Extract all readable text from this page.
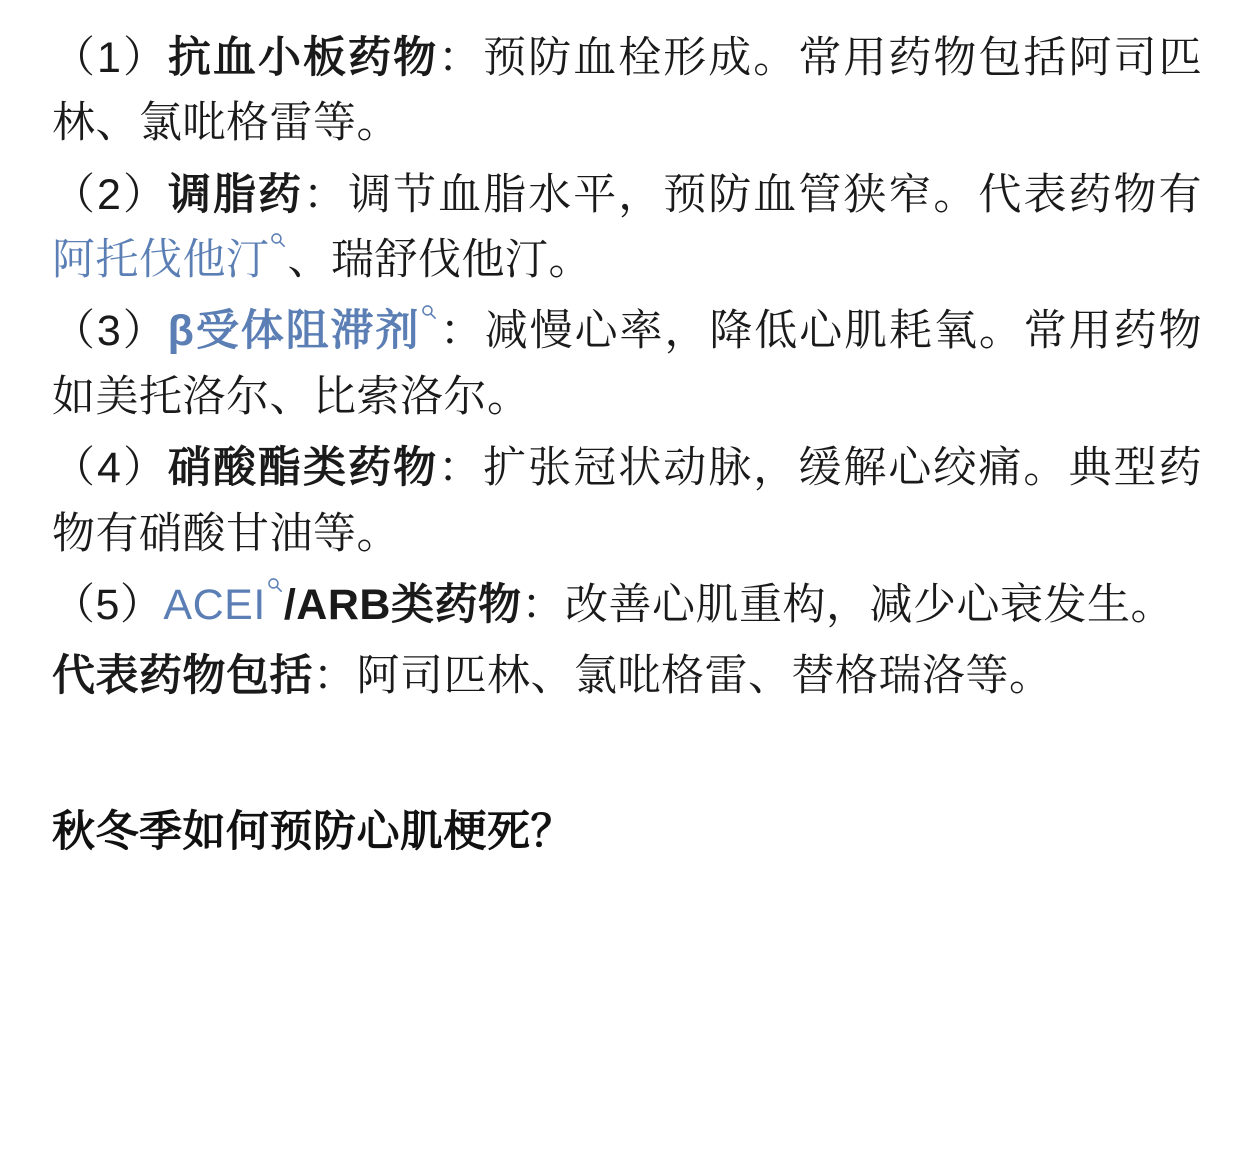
（1）抗血小板药物：预防血栓形成。常用药物包括阿司匹林、氯吡格雷等。

（2）调脂药：调节血脂水平，预防血管狭窄。代表药物有阿托伐他汀 、瑞舒伐他汀。

（3）β受体阻滞剂 ：减慢心率，降低心肌耗氧。常用药物如美托洛尔、比索洛尔。

（4）硝酸酯类药物：扩张冠状动脉，缓解心绞痛。典型药物有硝酸甘油等。

（5）ACEI /ARB类药物：改善心肌重构，减少心衰发生。

代表药物包括：阿司匹林、氯吡格雷、替格瑞洛等。

秋冬季如何预防心肌梗死？
